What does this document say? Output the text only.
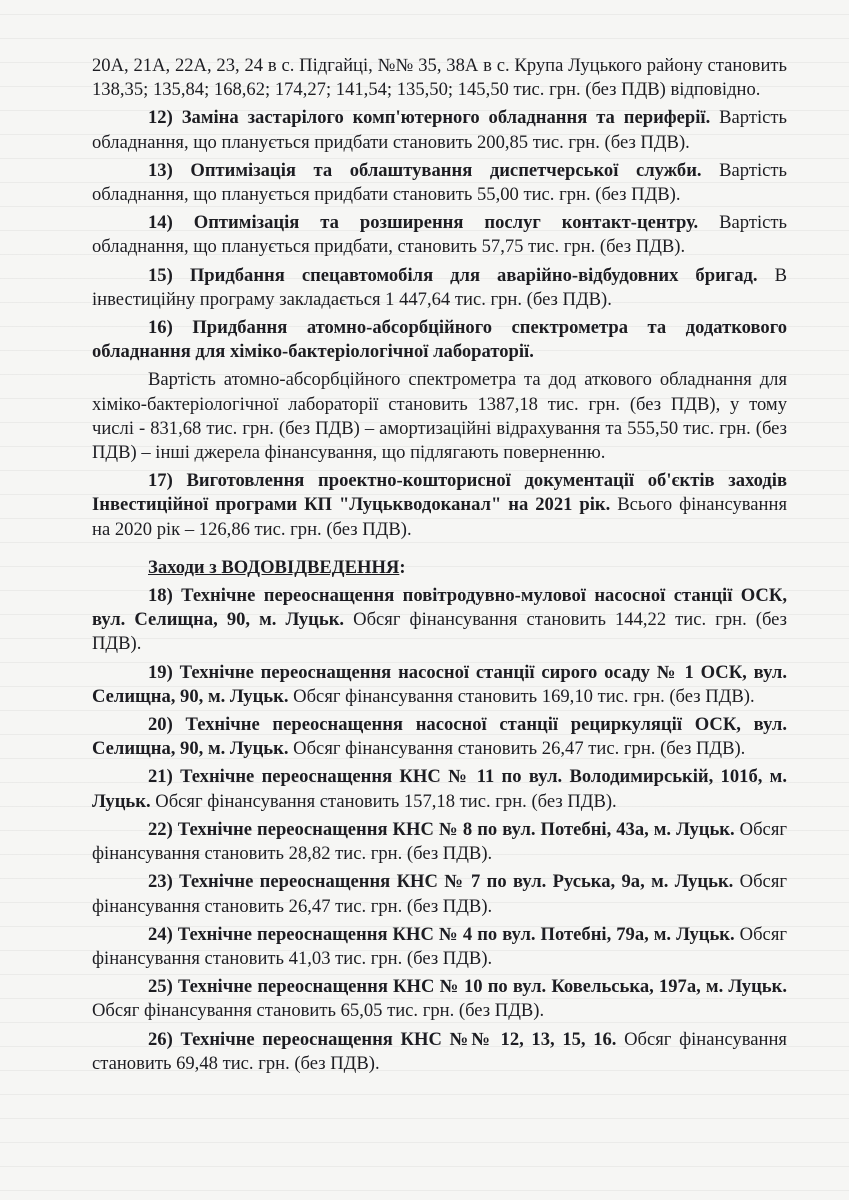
20А, 21А, 22А, 23, 24 в с. Підгайці, №№ 35, 38А в с. Крупа Луцького району становить 138,35; 135,84; 168,62; 174,27; 141,54; 135,50; 145,50 тис. грн. (без ПДВ) відповідно.

12) Заміна застарілого комп'ютерного обладнання та периферії. Вартість обладнання, що планується придбати становить 200,85 тис. грн. (без ПДВ).

13) Оптимізація та облаштування диспетчерської служби. Вартість обладнання, що планується придбати становить 55,00 тис. грн. (без ПДВ).

14) Оптимізація та розширення послуг контакт-центру. Вартість обладнання, що планується придбати, становить 57,75 тис. грн. (без ПДВ).

15) Придбання спецавтомобіля для аварійно-відбудовних бригад. В інвестиційну програму закладається 1 447,64 тис. грн. (без ПДВ).

16) Придбання атомно-абсорбційного спектрометра та додаткового обладнання для хіміко-бактеріологічної лабораторії.

Вартість атомно-абсорбційного спектрометра та дод аткового обладнання для хіміко-бактеріологічної лабораторії становить 1387,18 тис. грн. (без ПДВ), у тому числі - 831,68 тис. грн. (без ПДВ) – амортизаційні відрахування та 555,50 тис. грн. (без ПДВ) – інші джерела фінансування, що підлягають поверненню.

17) Виготовлення проектно-кошторисної документації об'єктів заходів Інвестиційної програми КП "Луцькводоканал" на 2021 рік. Всього фінансування на 2020 рік – 126,86 тис. грн. (без ПДВ).

Заходи з ВОДОВІДВЕДЕННЯ:

18) Технічне переоснащення повітродувно-мулової насосної станції ОСК, вул. Селищна, 90, м. Луцьк. Обсяг фінансування становить 144,22 тис. грн. (без ПДВ).

19) Технічне переоснащення насосної станції сирого осаду № 1 ОСК, вул. Селищна, 90, м. Луцьк. Обсяг фінансування становить 169,10 тис. грн. (без ПДВ).

20) Технічне переоснащення насосної станції рециркуляції ОСК, вул. Селищна, 90, м. Луцьк. Обсяг фінансування становить 26,47 тис. грн. (без ПДВ).

21) Технічне переоснащення КНС № 11 по вул. Володимирській, 101б, м. Луцьк. Обсяг фінансування становить 157,18 тис. грн. (без ПДВ).

22) Технічне переоснащення КНС № 8 по вул. Потебні, 43а, м. Луцьк. Обсяг фінансування становить 28,82 тис. грн. (без ПДВ).

23) Технічне переоснащення КНС № 7 по вул. Руська, 9а, м. Луцьк. Обсяг фінансування становить 26,47 тис. грн. (без ПДВ).

24) Технічне переоснащення КНС № 4 по вул. Потебні, 79а, м. Луцьк. Обсяг фінансування становить 41,03 тис. грн. (без ПДВ).

25) Технічне переоснащення КНС № 10 по вул. Ковельська, 197а, м. Луцьк. Обсяг фінансування становить 65,05 тис. грн. (без ПДВ).

26) Технічне переоснащення КНС №№ 12, 13, 15, 16. Обсяг фінансування становить 69,48 тис. грн. (без ПДВ).
